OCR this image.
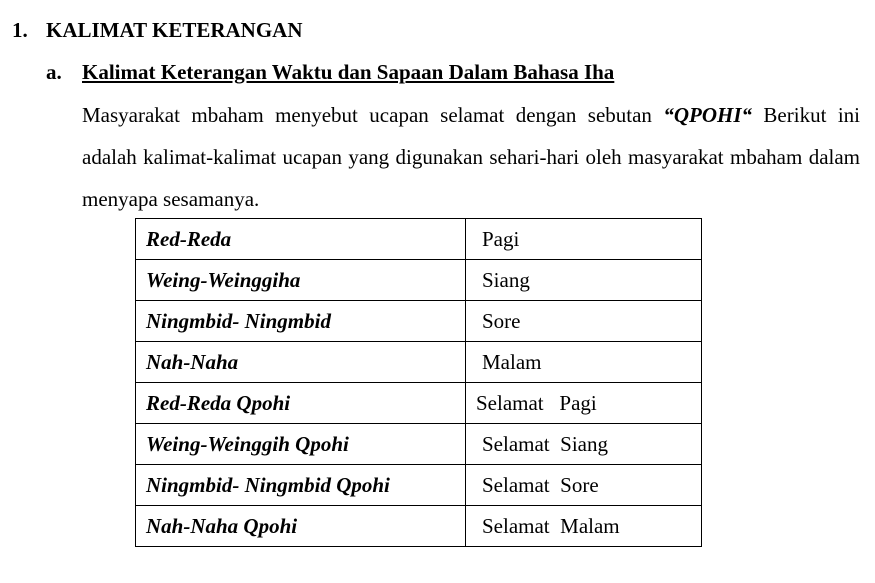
1. KALIMAT KETERANGAN
a. Kalimat Keterangan Waktu dan Sapaan Dalam Bahasa Iha
Masyarakat mbaham menyebut ucapan selamat dengan sebutan “QPOHI“ Berikut ini adalah kalimat-kalimat ucapan yang digunakan sehari-hari oleh masyarakat mbaham dalam menyapa sesamanya.
Red-Reda	Pagi
Weing-Weinggiha	Siang
Ningmbid- Ningmbid	Sore
Nah-Naha	Malam
Red-Reda Qpohi	Selamat   Pagi
Weing-Weinggih Qpohi	Selamat  Siang
Ningmbid- Ningmbid Qpohi	Selamat  Sore
Nah-Naha Qpohi	Selamat  Malam
